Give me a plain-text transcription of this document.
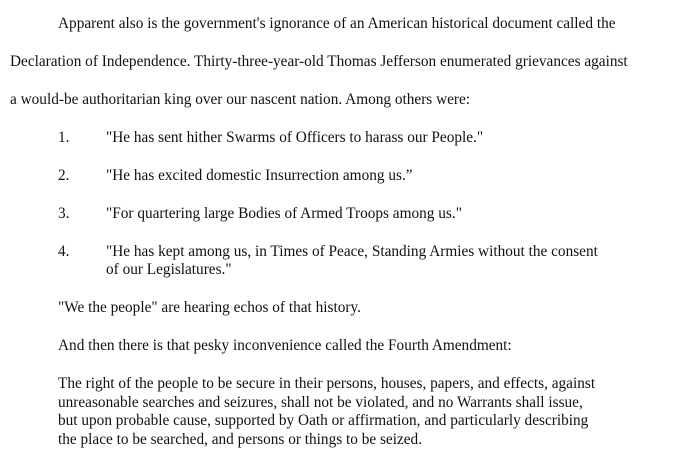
Apparent also is the government's ignorance of an American historical document called the
Declaration of Independence. Thirty-three-year-old Thomas Jefferson enumerated grievances against
a would-be authoritarian king over our nascent nation. Among others were:
1. "He has sent hither Swarms of Officers to harass our People."
2. "He has excited domestic Insurrection among us.”
3. "For quartering large Bodies of Armed Troops among us."
4. "He has kept among us, in Times of Peace, Standing Armies without the consent
of our Legislatures."
"We the people" are hearing echos of that history.
And then there is that pesky inconvenience called the Fourth Amendment:
The right of the people to be secure in their persons, houses, papers, and effects, against
unreasonable searches and seizures, shall not be violated, and no Warrants shall issue,
but upon probable cause, supported by Oath or affirmation, and particularly describing
the place to be searched, and persons or things to be seized.
